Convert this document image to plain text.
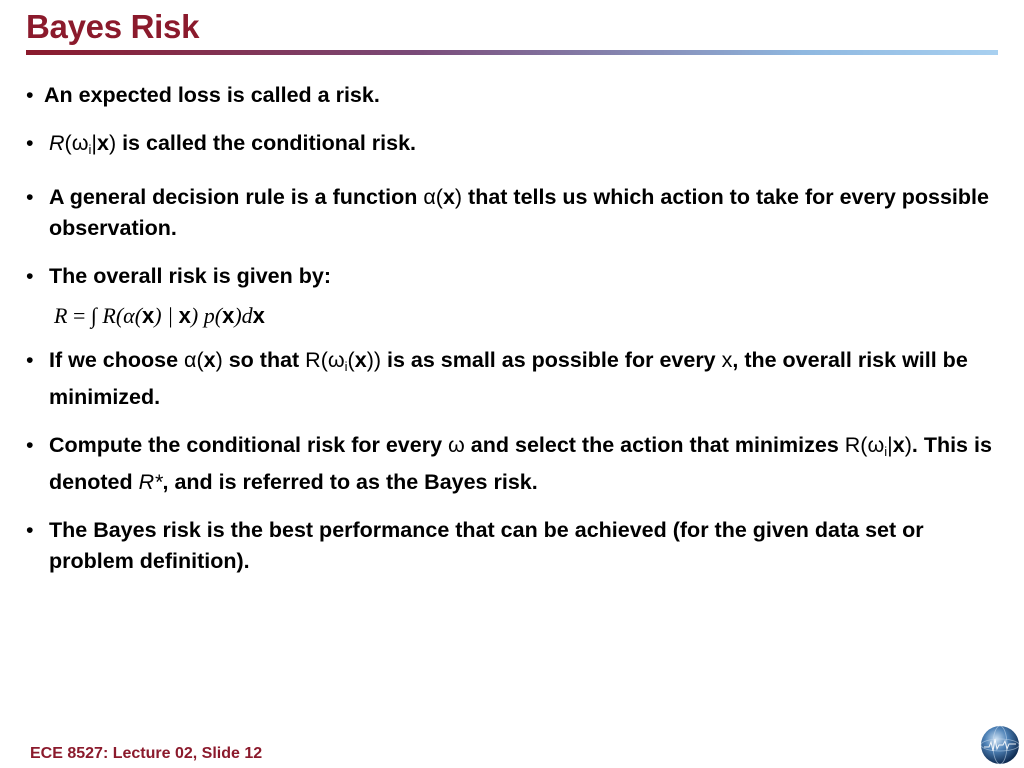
Bayes Risk
• An expected loss is called a risk.
• $R(\omega_i|x)$ is called the conditional risk.
• A general decision rule is a function α(x) that tells us which action to take for every possible observation.
• The overall risk is given by:
R = ∫ R(α(x) | x) p(x)dx
• If we choose α(x) so that $R(\omega_i(x))$ is as small as possible for every x, the overall risk will be minimized.
• Compute the conditional risk for every ω and select the action that minimizes $R(\omega_i|x)$. This is denoted R*, and is referred to as the Bayes risk.
• The Bayes risk is the best performance that can be achieved (for the given data set or problem definition).
ECE 8527: Lecture 02, Slide 12
